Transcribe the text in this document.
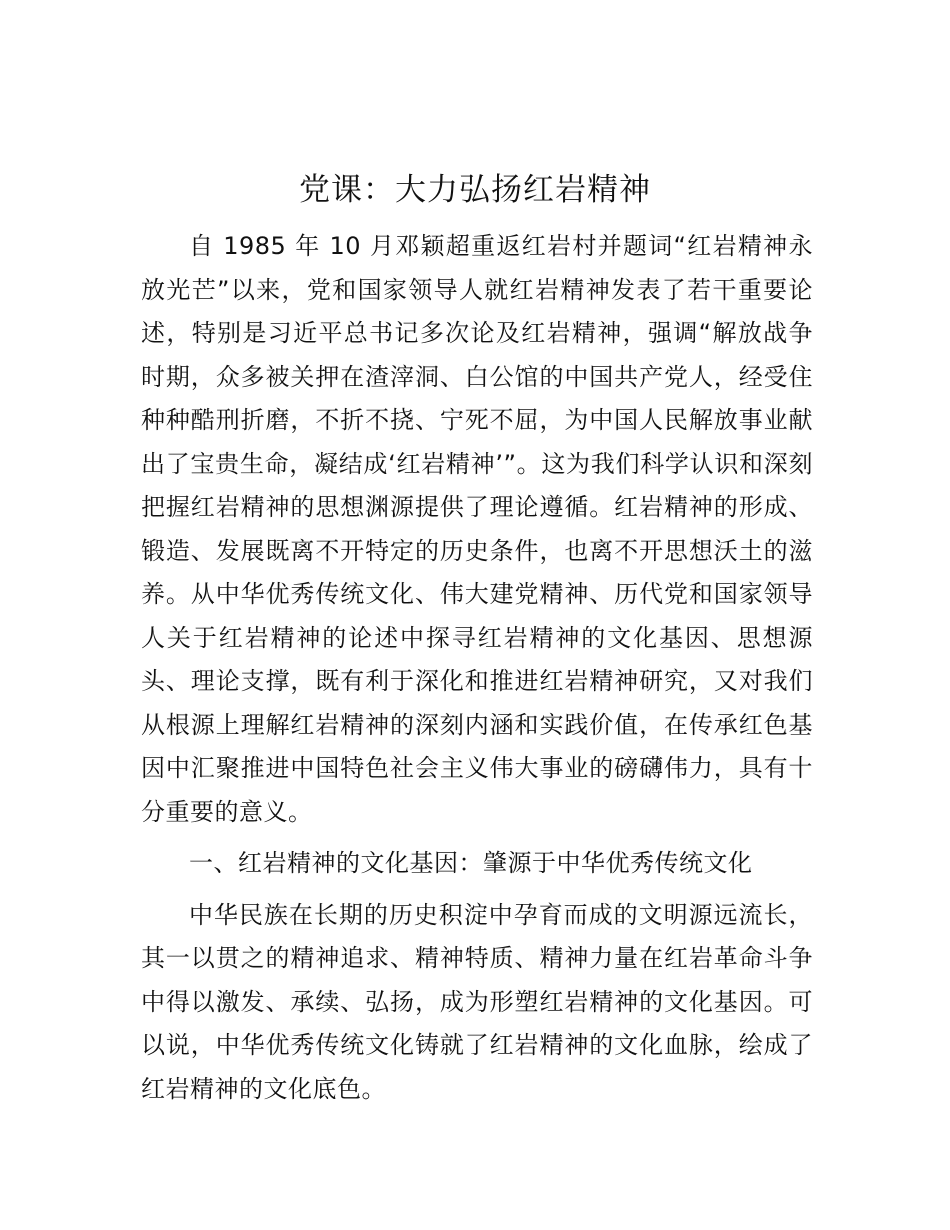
党课：大力弘扬红岩精神

自 1985 年 10 月邓颖超重返红岩村并题词“红岩精神永放光芒”以来，党和国家领导人就红岩精神发表了若干重要论述，特别是习近平总书记多次论及红岩精神，强调“解放战争时期，众多被关押在渣滓洞、白公馆的中国共产党人，经受住种种酷刑折磨，不折不挠、宁死不屈，为中国人民解放事业献出了宝贵生命，凝结成‘红岩精神’”。这为我们科学认识和深刻把握红岩精神的思想渊源提供了理论遵循。红岩精神的形成、锻造、发展既离不开特定的历史条件，也离不开思想沃土的滋养。从中华优秀传统文化、伟大建党精神、历代党和国家领导人关于红岩精神的论述中探寻红岩精神的文化基因、思想源头、理论支撑，既有利于深化和推进红岩精神研究，又对我们从根源上理解红岩精神的深刻内涵和实践价值，在传承红色基因中汇聚推进中国特色社会主义伟大事业的磅礴伟力，具有十分重要的意义。

一、红岩精神的文化基因：肇源于中华优秀传统文化

中华民族在长期的历史积淀中孕育而成的文明源远流长，其一以贯之的精神追求、精神特质、精神力量在红岩革命斗争中得以激发、承续、弘扬，成为形塑红岩精神的文化基因。可以说，中华优秀传统文化铸就了红岩精神的文化血脉，绘成了红岩精神的文化底色。
